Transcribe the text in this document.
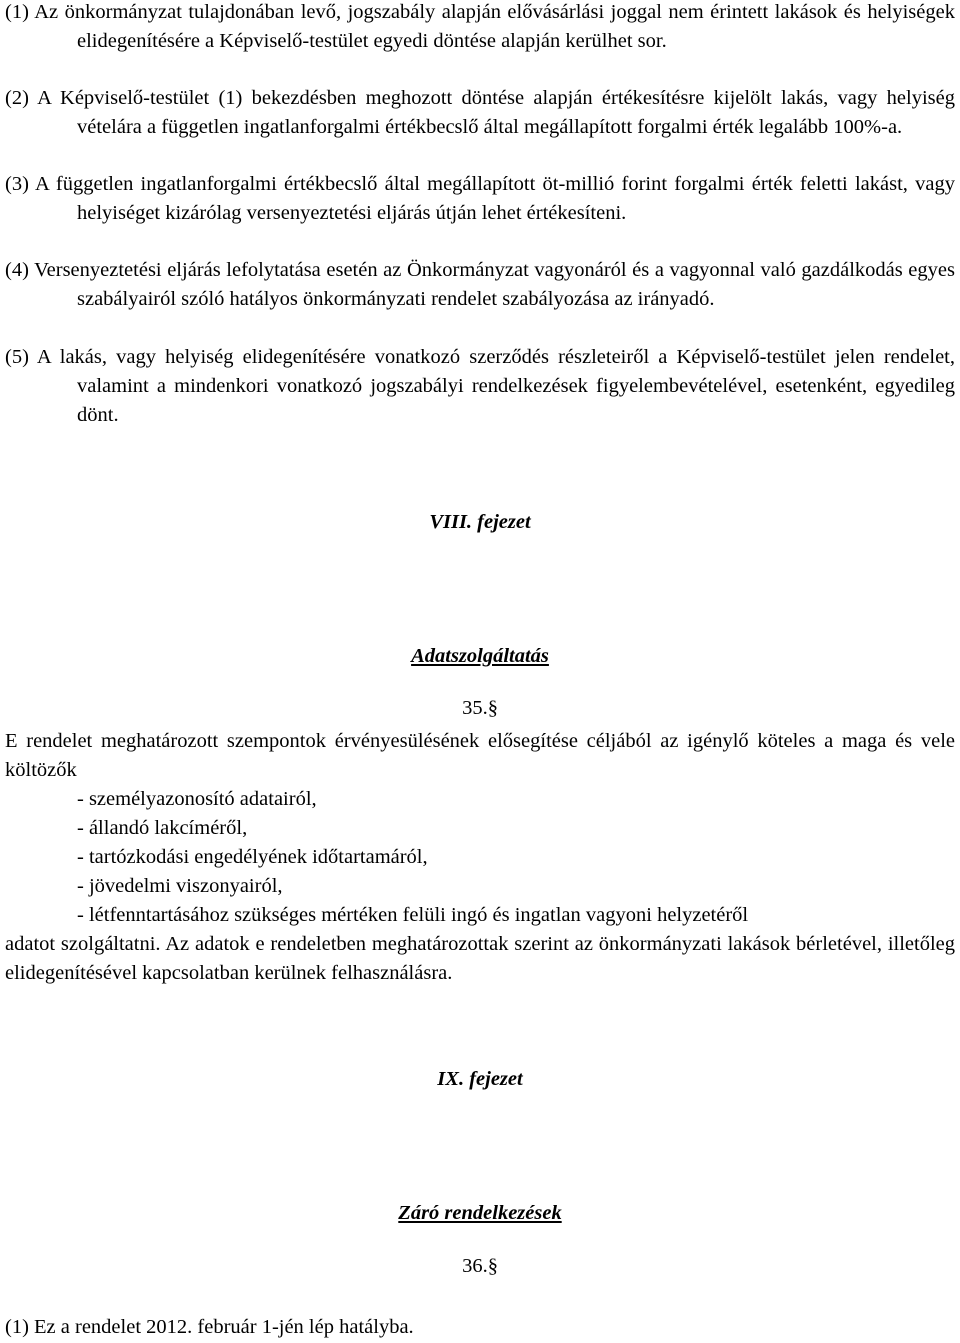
(1) Az önkormányzat tulajdonában levő, jogszabály alapján elővásárlási joggal nem érintett lakások és helyiségek elidegenítésére a Képviselő-testület egyedi döntése alapján kerülhet sor.
(2) A Képviselő-testület (1) bekezdésben meghozott döntése alapján értékesítésre kijelölt lakás, vagy helyiség vételára a független ingatlanforgalmi értékbecslő által megállapított forgalmi érték legalább 100%-a.
(3) A független ingatlanforgalmi értékbecslő által megállapított öt-millió forint forgalmi érték feletti lakást, vagy helyiséget kizárólag versenyeztetési eljárás útján lehet értékesíteni.
(4) Versenyeztetési eljárás lefolytatása esetén az Önkormányzat vagyonáról és a vagyonnal való gazdálkodás egyes szabályairól szóló hatályos önkormányzati rendelet szabályozása az irányadó.
(5) A lakás, vagy helyiség elidegenítésére vonatkozó szerződés részleteiről a Képviselő-testület jelen rendelet, valamint a mindenkori vonatkozó jogszabályi rendelkezések figyelembevételével, esetenként, egyedileg dönt.
VIII. fejezet
Adatszolgáltatás
35.§
E rendelet meghatározott szempontok érvényesülésének elősegítése céljából az igénylő köteles a maga és vele költözők
- személyazonosító adatairól,
- állandó lakcíméről,
- tartózkodási engedélyének időtartamáról,
- jövedelmi viszonyairól,
- létfenntartásához szükséges mértéken felüli ingó és ingatlan vagyoni helyzetéről
adatot szolgáltatni. Az adatok e rendeletben meghatározottak szerint az önkormányzati lakások bérletével, illetőleg elidegenítésével kapcsolatban kerülnek felhasználásra.
IX. fejezet
Záró rendelkezések
36.§
(1) Ez a rendelet 2012. február 1-jén lép hatályba.
